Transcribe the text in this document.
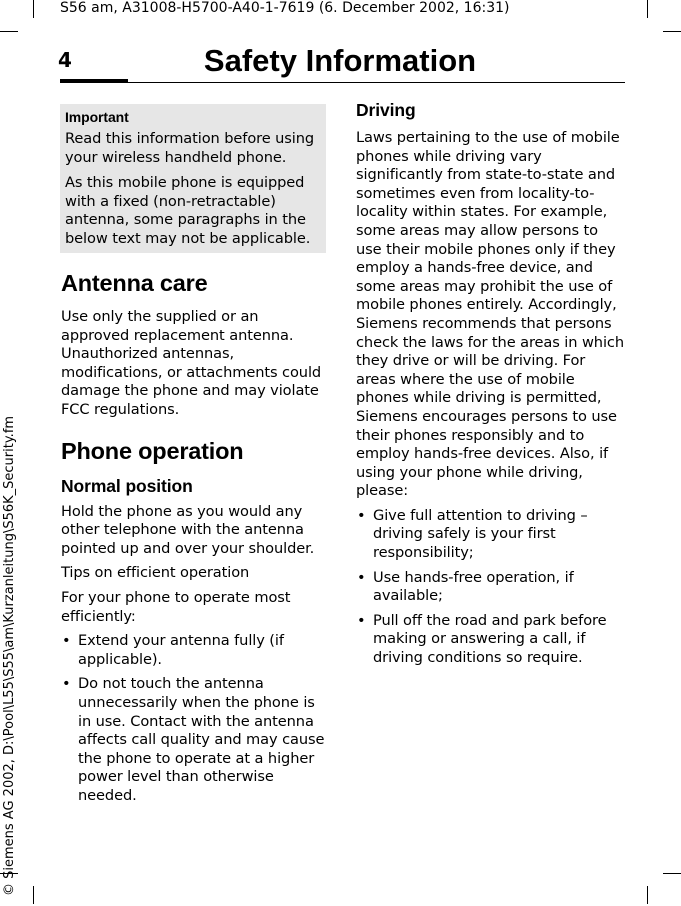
S56 am, A31008-H5700-A40-1-7619 (6. December 2002, 16:31)
© Siemens AG 2002, D:\Pool\L55\S55\am\Kurzanleitung\S56K_Security.fm
4	Safety Information
Important

Read this information before using your wireless handheld phone.

As this mobile phone is equipped with a fixed (non-retractable) antenna, some paragraphs in the below text may not be applicable.

Antenna care

Use only the supplied or an approved replacement antenna. Unauthorized antennas, modifications, or attachments could damage the phone and may violate FCC regulations.

Phone operation
Normal position

Hold the phone as you would any other telephone with the antenna pointed up and over your shoulder.

Tips on efficient operation

For your phone to operate most efficiently:

• Extend your antenna fully (if applicable).
• Do not touch the antenna unnecessarily when the phone is in use. Contact with the antenna affects call quality and may cause the phone to operate at a higher power level than otherwise needed.
Driving

Laws pertaining to the use of mobile phones while driving vary significantly from state-to-state and sometimes even from locality-to-locality within states. For example, some areas may allow persons to use their mobile phones only if they employ a hands-free device, and some areas may prohibit the use of mobile phones entirely. Accordingly, Siemens recommends that persons check the laws for the areas in which they drive or will be driving. For areas where the use of mobile phones while driving is permitted, Siemens encourages persons to use their phones responsibly and to employ hands-free devices. Also, if using your phone while driving, please:

• Give full attention to driving – driving safely is your first responsibility;
• Use hands-free operation, if available;
• Pull off the road and park before making or answering a call, if driving conditions so require.
